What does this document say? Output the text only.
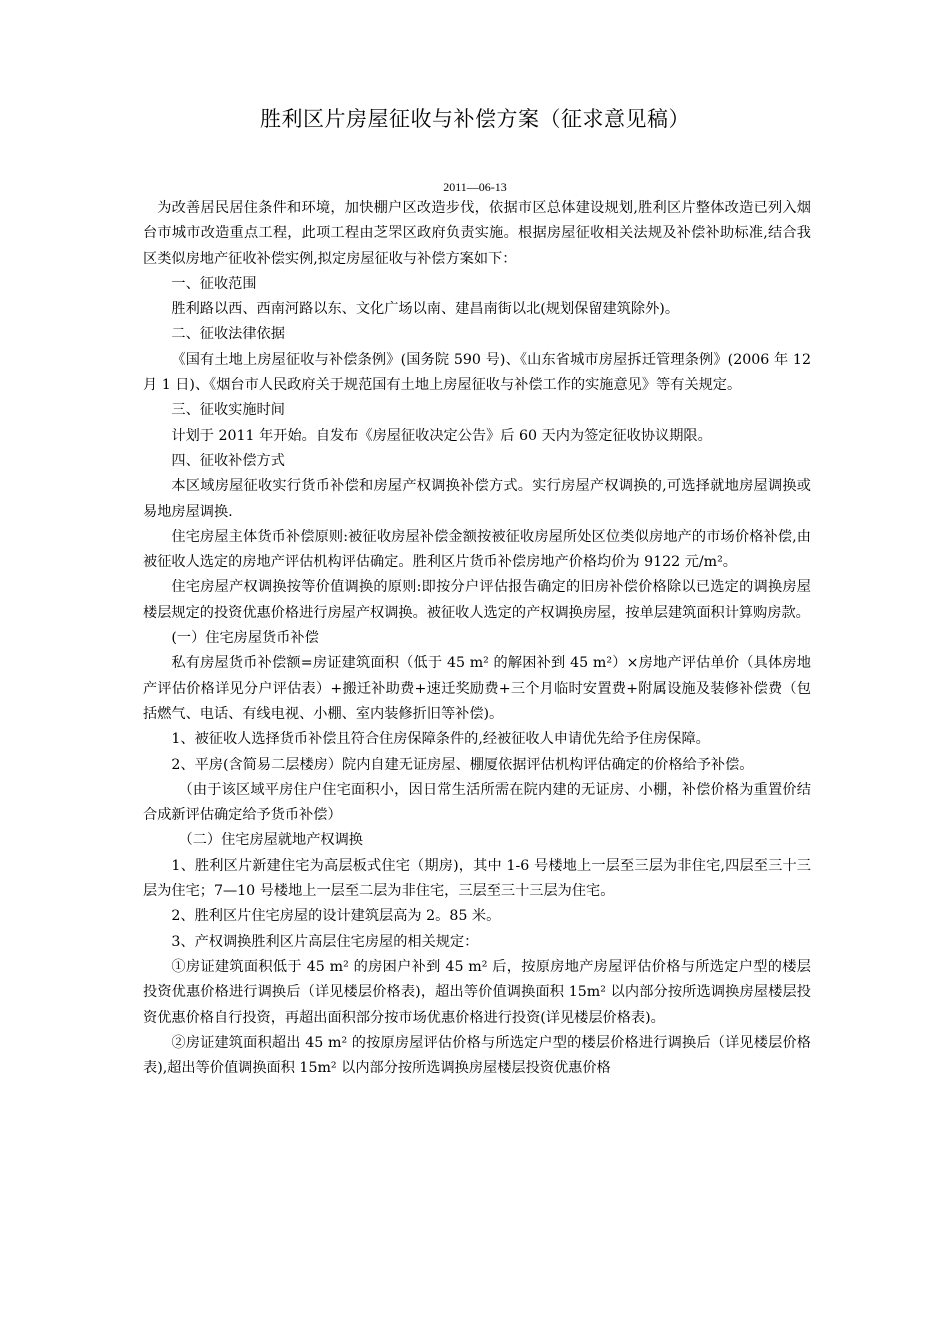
胜利区片房屋征收与补偿方案（征求意见稿）
2011—06-13

为改善居民居住条件和环境，加快棚户区改造步伐，依据市区总体建设规划,胜利区片整体改造已列入烟台市城市改造重点工程，此项工程由芝罘区政府负责实施。根据房屋征收相关法规及补偿补助标准,结合我区类似房地产征收补偿实例,拟定房屋征收与补偿方案如下：

一、征收范围

胜利路以西、西南河路以东、文化广场以南、建昌南街以北(规划保留建筑除外)。

二、征收法律依据

《国有土地上房屋征收与补偿条例》(国务院 590 号)、《山东省城市房屋拆迁管理条例》(2006 年 12 月 1 日)、《烟台市人民政府关于规范国有土地上房屋征收与补偿工作的实施意见》等有关规定。

三、征收实施时间

计划于 2011 年开始。自发布《房屋征收决定公告》后 60 天内为签定征收协议期限。

四、征收补偿方式

本区域房屋征收实行货币补偿和房屋产权调换补偿方式。实行房屋产权调换的,可选择就地房屋调换或易地房屋调换.

住宅房屋主体货币补偿原则:被征收房屋补偿金额按被征收房屋所处区位类似房地产的市场价格补偿,由被征收人选定的房地产评估机构评估确定。胜利区片货币补偿房地产价格均价为 9122 元/m²。

住宅房屋产权调换按等价值调换的原则:即按分户评估报告确定的旧房补偿价格除以已选定的调换房屋楼层规定的投资优惠价格进行房屋产权调换。被征收人选定的产权调换房屋，按单层建筑面积计算购房款。

(一）住宅房屋货币补偿

私有房屋货币补偿额=房证建筑面积（低于 45 m² 的解困补到 45 m²）×房地产评估单价（具体房地产评估价格详见分户评估表）+搬迁补助费+速迁奖励费+三个月临时安置费+附属设施及装修补偿费（包括燃气、电话、有线电视、小棚、室内装修折旧等补偿)。

1、被征收人选择货币补偿且符合住房保障条件的,经被征收人申请优先给予住房保障。

2、平房(含简易二层楼房）院内自建无证房屋、棚厦依据评估机构评估确定的价格给予补偿。

（由于该区域平房住户住宅面积小，因日常生活所需在院内建的无证房、小棚，补偿价格为重置价结合成新评估确定给予货币补偿）

（二）住宅房屋就地产权调换

1、胜利区片新建住宅为高层板式住宅（期房)，其中 1-6 号楼地上一层至三层为非住宅,四层至三十三层为住宅；7—10 号楼地上一层至二层为非住宅，三层至三十三层为住宅。

2、胜利区片住宅房屋的设计建筑层高为 2。85 米。

3、产权调换胜利区片高层住宅房屋的相关规定：

①房证建筑面积低于 45 m² 的房困户补到 45 m² 后，按原房地产房屋评估价格与所选定户型的楼层投资优惠价格进行调换后（详见楼层价格表)，超出等价值调换面积 15m² 以内部分按所选调换房屋楼层投资优惠价格自行投资，再超出面积部分按市场优惠价格进行投资(详见楼层价格表)。

②房证建筑面积超出 45 m² 的按原房屋评估价格与所选定户型的楼层价格进行调换后（详见楼层价格表),超出等价值调换面积 15m² 以内部分按所选调换房屋楼层投资优惠价格
